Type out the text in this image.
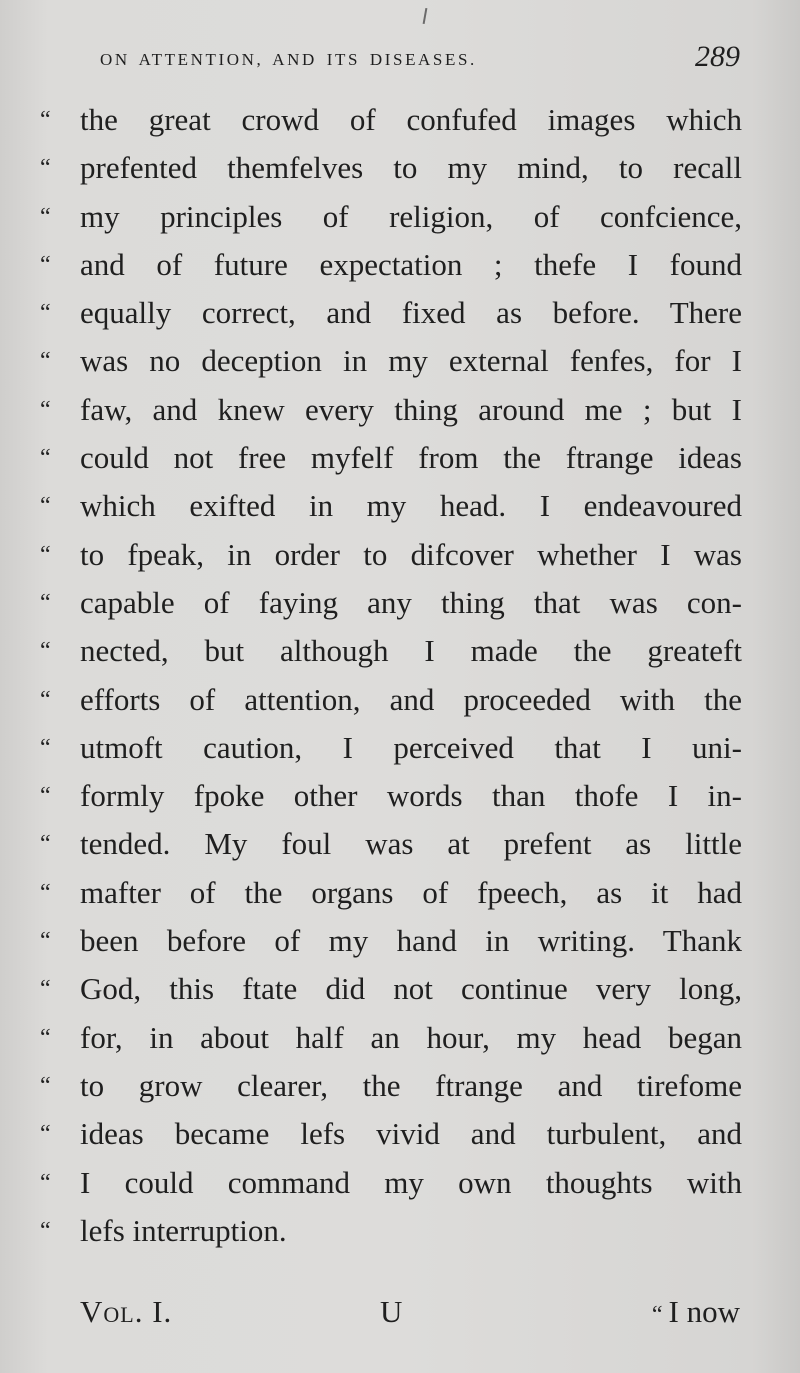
ON ATTENTION, AND ITS DISEASES.	289
“ the great crowd of confufed images which
“ prefented themfelves to my mind, to recall
“ my principles of religion, of confcience,
“ and of future expectation ; thefe I found
“ equally correct, and fixed as before. There
“ was no deception in my external fenfes, for I
“ faw, and knew every thing around me ; but I
“ could not free myfelf from the ftrange ideas
“ which exifted in my head. I endeavoured
“ to fpeak, in order to difcover whether I was
“ capable of faying any thing that was con-
“ nected, but although I made the greateft
“ efforts of attention, and proceeded with the
“ utmoft caution, I perceived that I uni-
“ formly fpoke other words than thofe I in-
“ tended. My foul was at prefent as little
“ mafter of the organs of fpeech, as it had
“ been before of my hand in writing. Thank
“ God, this ftate did not continue very long,
“ for, in about half an hour, my head began
“ to grow clearer, the ftrange and tirefome
“ ideas became lefs vivid and turbulent, and
“ I could command my own thoughts with
“ lefs interruption.
Vol. I.	U	“ I now
